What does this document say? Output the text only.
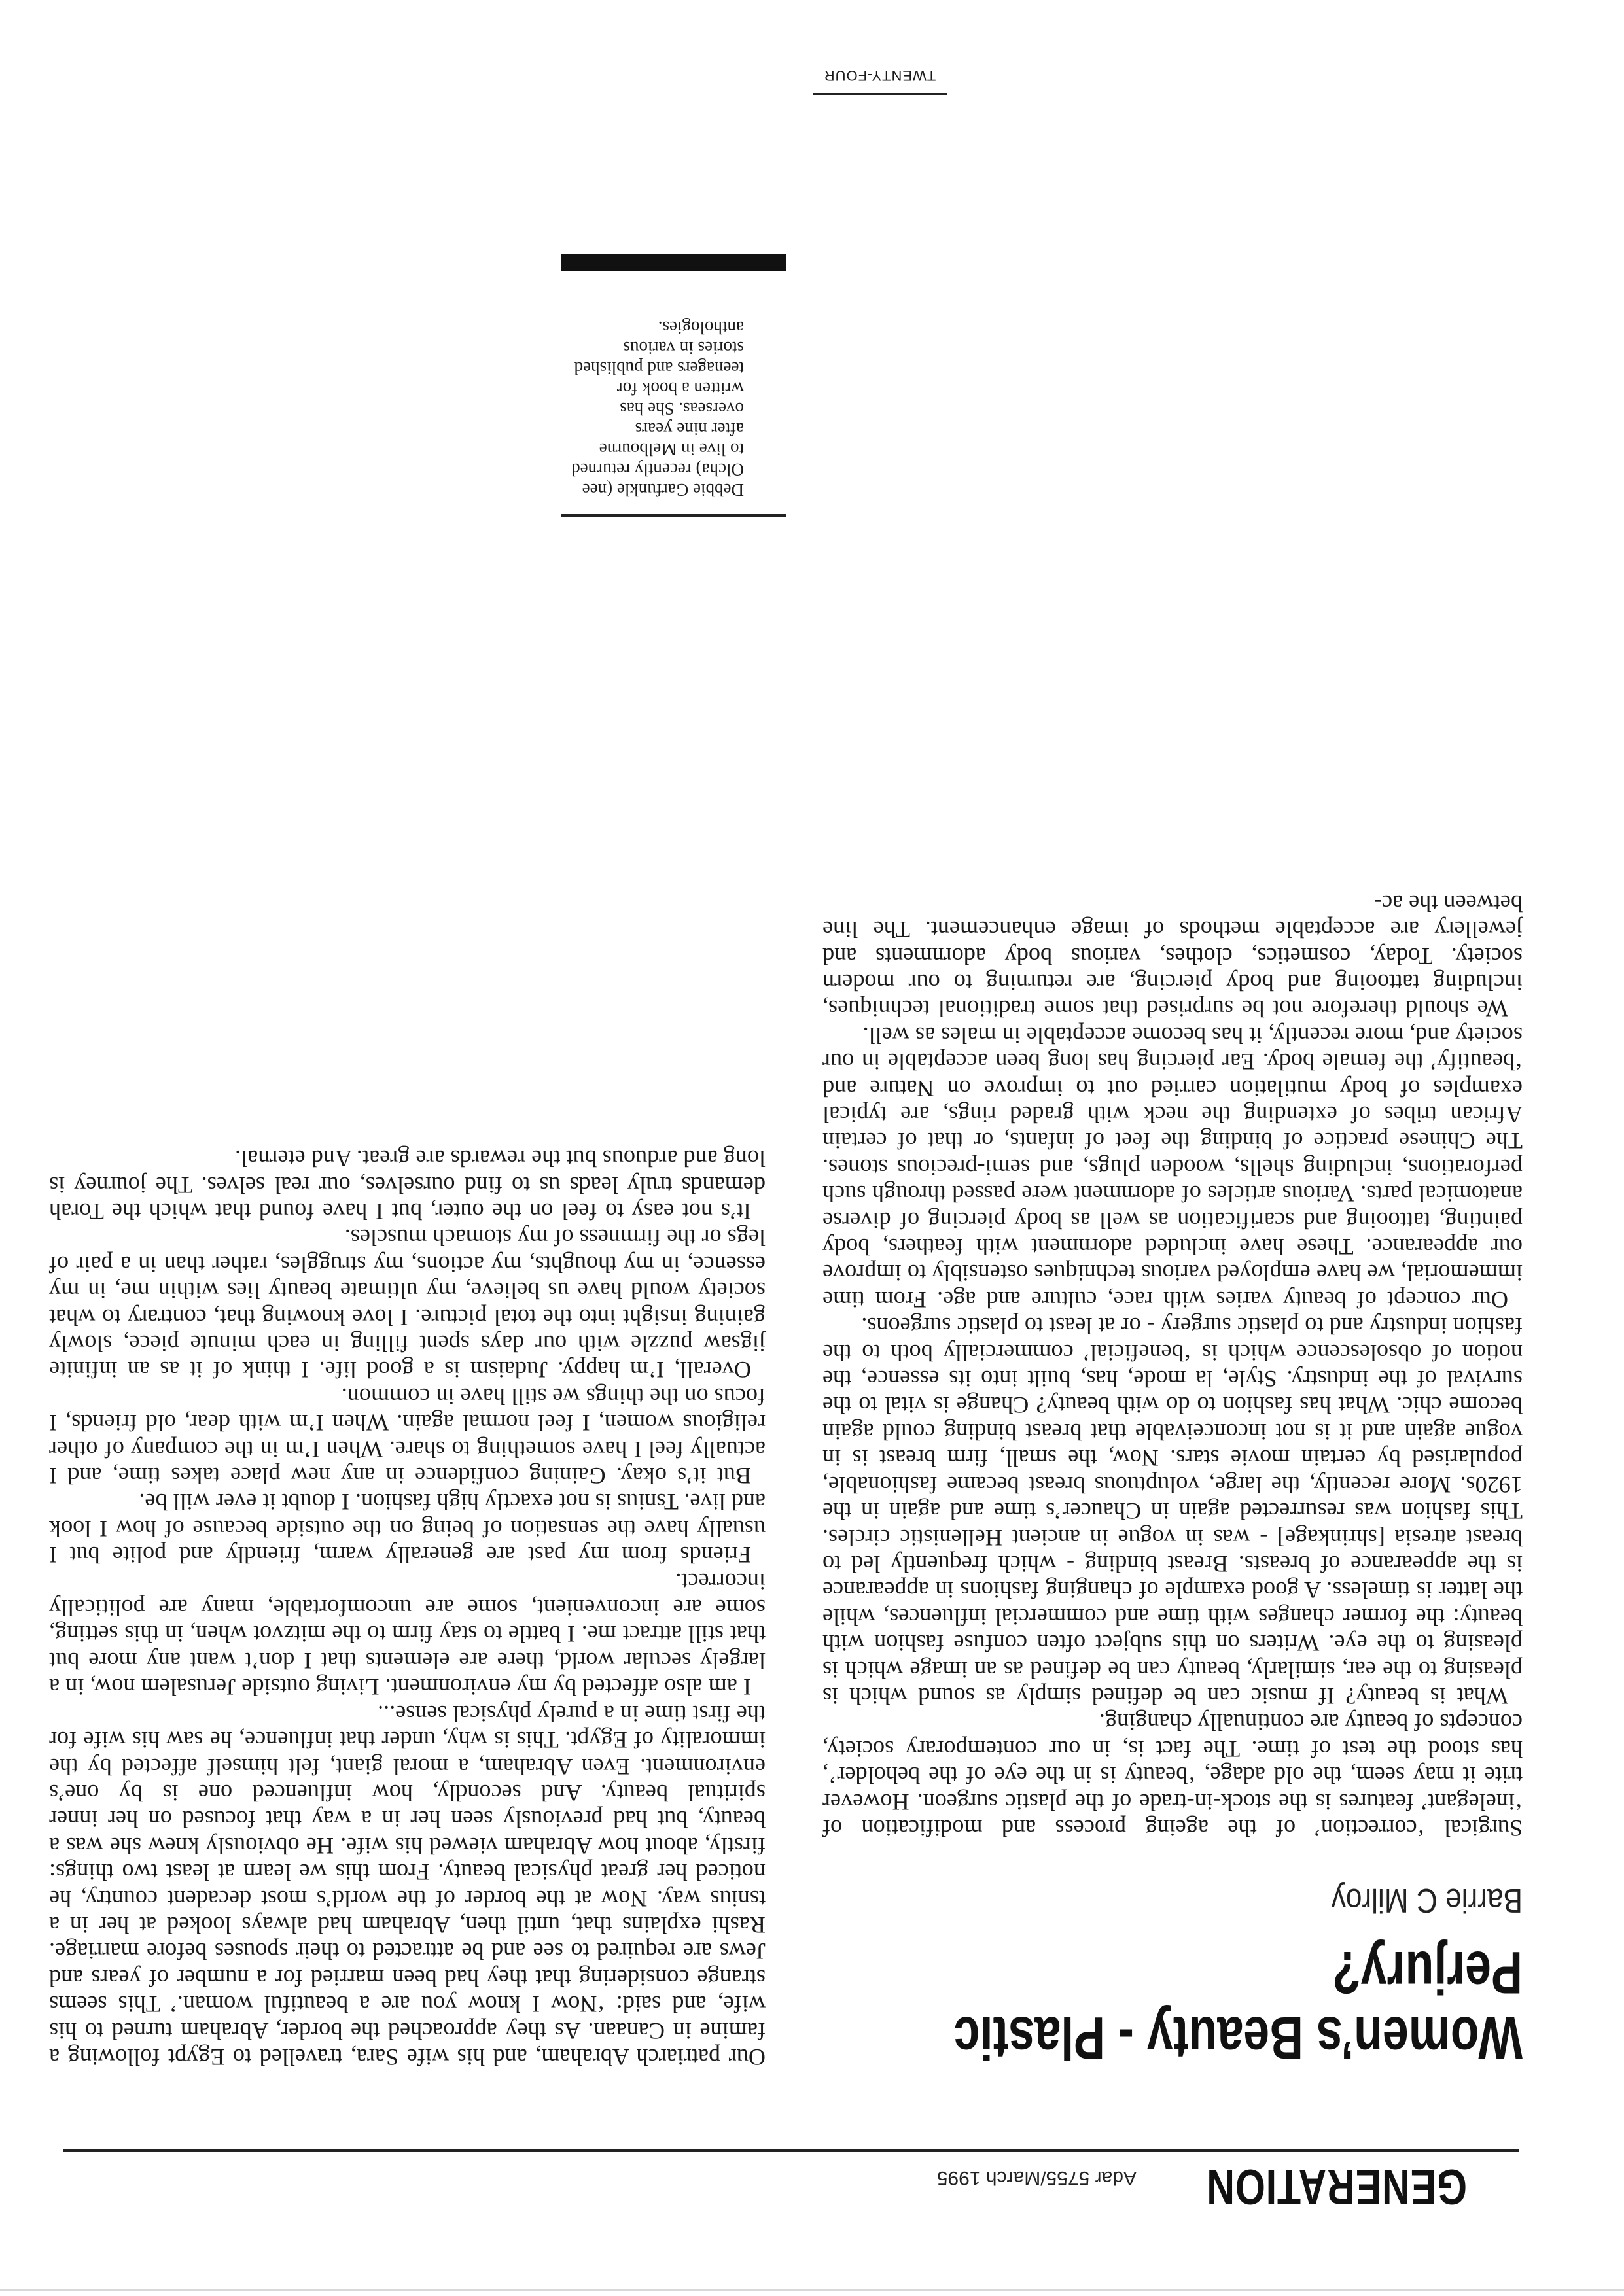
GENERATION
Adar 5755/March 1995
Women’s Beauty - Plastic Perjury?
Barrie C Milroy

Surgical ‘correction’ of the ageing process and modification of ‘inelegant’ features is the stock-in-trade of the plastic surgeon. However trite it may seem, the old adage, ‘beauty is in the eye of the beholder’, has stood the test of time. The fact is, in our contemporary society, concepts of beauty are continually changing.

What is beauty? If music can be defined simply as sound which is pleasing to the ear, similarly, beauty can be defined as an image which is pleasing to the eye. Writers on this subject often confuse fashion with beauty: the former changes with time and commercial influences, while the latter is timeless. A good example of changing fashions in appearance is the appearance of breasts. Breast binding - which frequently led to breast atresia [shrinkage] - was in vogue in ancient Hellenistic circles. This fashion was resurrected again in Chaucer’s time and again in the 1920s. More recently, the large, voluptuous breast became fashionable, popularised by certain movie stars. Now, the small, firm breast is in vogue again and it is not inconceivable that breast binding could again become chic. What has fashion to do with beauty? Change is vital to the survival of the industry. Style, la mode, has, built into its essence, the notion of obsolescence which is ‘beneficial’ commercially both to the fashion industry and to plastic surgery - or at least to plastic surgeons.

Our concept of beauty varies with race, culture and age. From time immemorial, we have employed various techniques ostensibly to improve our appearance. These have included adornment with feathers, body painting, tattooing and scarification as well as body piercing of diverse anatomical parts. Various articles of adornment were passed through such perforations, including shells, wooden plugs, and semi-precious stones. The Chinese practice of binding the feet of infants, or that of certain African tribes of extending the neck with graded rings, are typical examples of body mutilation carried out to improve on Nature and ‘beautify’ the female body. Ear piercing has long been acceptable in our society and, more recently, it has become acceptable in males as well.

We should therefore not be surprised that some traditional techniques, including tattooing and body piercing, are returning to our modern society. Today, cosmetics, clothes, various body adornments and jewellery are acceptable methods of image enhancement. The line between the ac-

Our patriarch Abraham, and his wife Sara, travelled to Egypt following a famine in Canaan. As they approached the border, Abraham turned to his wife, and said: ‘Now I know you are a beautiful woman.’ This seems strange considering that they had been married for a number of years and Jews are required to see and be attracted to their spouses before marriage. Rashi explains that, until then, Abraham had always looked at her in a tsnius way. Now at the border of the world’s most decadent country, he noticed her great physical beauty. From this we learn at least two things: firstly, about how Abraham viewed his wife. He obviously knew she was a beauty, but had previously seen her in a way that focused on her inner spiritual beauty. And secondly, how influenced one is by one’s environment. Even Abraham, a moral giant, felt himself affected by the immorality of Egypt. This is why, under that influence, he saw his wife for the first time in a purely physical sense...

I am also affected by my environment. Living outside Jerusalem now, in a largely secular world, there are elements that I don’t want any more but that still attract me. I battle to stay firm to the mitzvot when, in this setting, some are inconvenient, some are uncomfortable, many are politically incorrect.

Friends from my past are generally warm, friendly and polite but I usually have the sensation of being on the outside because of how I look and live. Tsnius is not exactly high fashion. I doubt it ever will be.

But it’s okay. Gaining confidence in any new place takes time, and I actually feel I have something to share. When I’m in the company of other religious women, I feel normal again. When I’m with dear, old friends, I focus on the things we still have in common.

Overall, I’m happy. Judaism is a good life. I think of it as an infinite jigsaw puzzle with our days spent filling in each minute piece, slowly gaining insight into the total picture. I love knowing that, contrary to what society would have us believe, my ultimate beauty lies within me, in my essence, in my thoughts, my actions, my struggles, rather than in a pair of legs or the firmness of my stomach muscles.

It’s not easy to feel on the outer, but I have found that which the Torah demands truly leads us to find ourselves, our real selves. The journey is long and arduous but the rewards are great. And eternal.

Debbie Garfunkle (nee Olcha) recently returned to live in Melbourne after nine years overseas. She has written a book for teenagers and published stories in various anthologies.

TWENTY-FOUR
